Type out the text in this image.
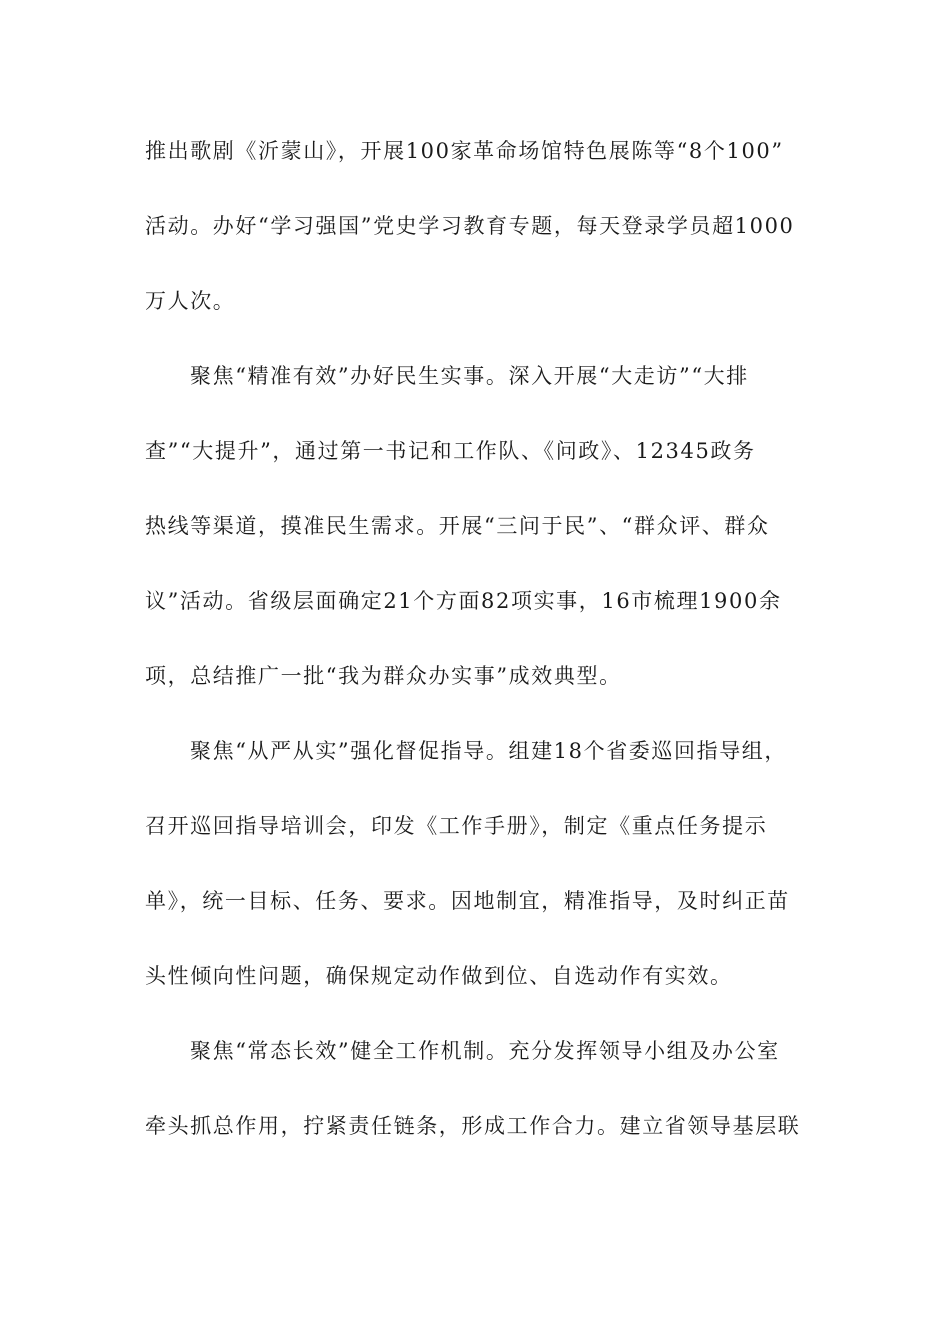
推出歌剧《沂蒙山》，开展100家革命场馆特色展陈等“8个100”
活动。办好“学习强国”党史学习教育专题，每天登录学员超1000
万人次。
聚焦“精准有效”办好民生实事。深入开展“大走访”“大排
查”“大提升”，通过第一书记和工作队、《问政》、12345政务
热线等渠道，摸准民生需求。开展“三问于民”、“群众评、群众
议”活动。省级层面确定21个方面82项实事，16市梳理1900余
项，总结推广一批“我为群众办实事”成效典型。
聚焦“从严从实”强化督促指导。组建18个省委巡回指导组，
召开巡回指导培训会，印发《工作手册》，制定《重点任务提示
单》，统一目标、任务、要求。因地制宜，精准指导，及时纠正苗
头性倾向性问题，确保规定动作做到位、自选动作有实效。
聚焦“常态长效”健全工作机制。充分发挥领导小组及办公室
牵头抓总作用，拧紧责任链条，形成工作合力。建立省领导基层联
